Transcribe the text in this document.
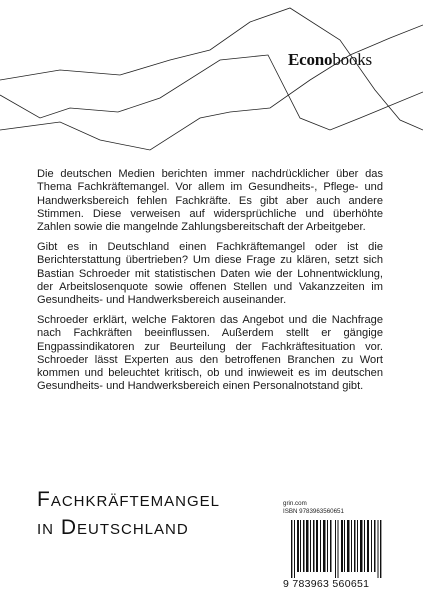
Econobooks

Die deutschen Medien berichten immer nachdrücklicher über das Thema Fachkräftemangel. Vor allem im Gesundheits-, Pflege- und Handwerksbereich fehlen Fachkräfte. Es gibt aber auch andere Stimmen. Diese verweisen auf widersprüchliche und überhöhte Zahlen sowie die mangelnde Zahlungsbereitschaft der Arbeitgeber.

Gibt es in Deutschland einen Fachkräftemangel oder ist die Berichterstattung übertrieben? Um diese Frage zu klären, setzt sich Bastian Schroeder mit statistischen Daten wie der Lohnentwicklung, der Arbeitslosenquote sowie offenen Stellen und Vakanzzeiten im Gesundheits- und Handwerksbereich auseinander.

Schroeder erklärt, welche Faktoren das Angebot und die Nachfrage nach Fachkräften beeinflussen. Außerdem stellt er gängige Engpassindikatoren zur Beurteilung der Fachkräftesituation vor. Schroeder lässt Experten aus den betroffenen Branchen zu Wort kommen und beleuchtet kritisch, ob und inwieweit es im deutschen Gesundheits- und Handwerksbereich einen Personalnotstand gibt.

Fachkräftemangel
in Deutschland
grin.com
ISBN 9783963560651
9 783963 560651
